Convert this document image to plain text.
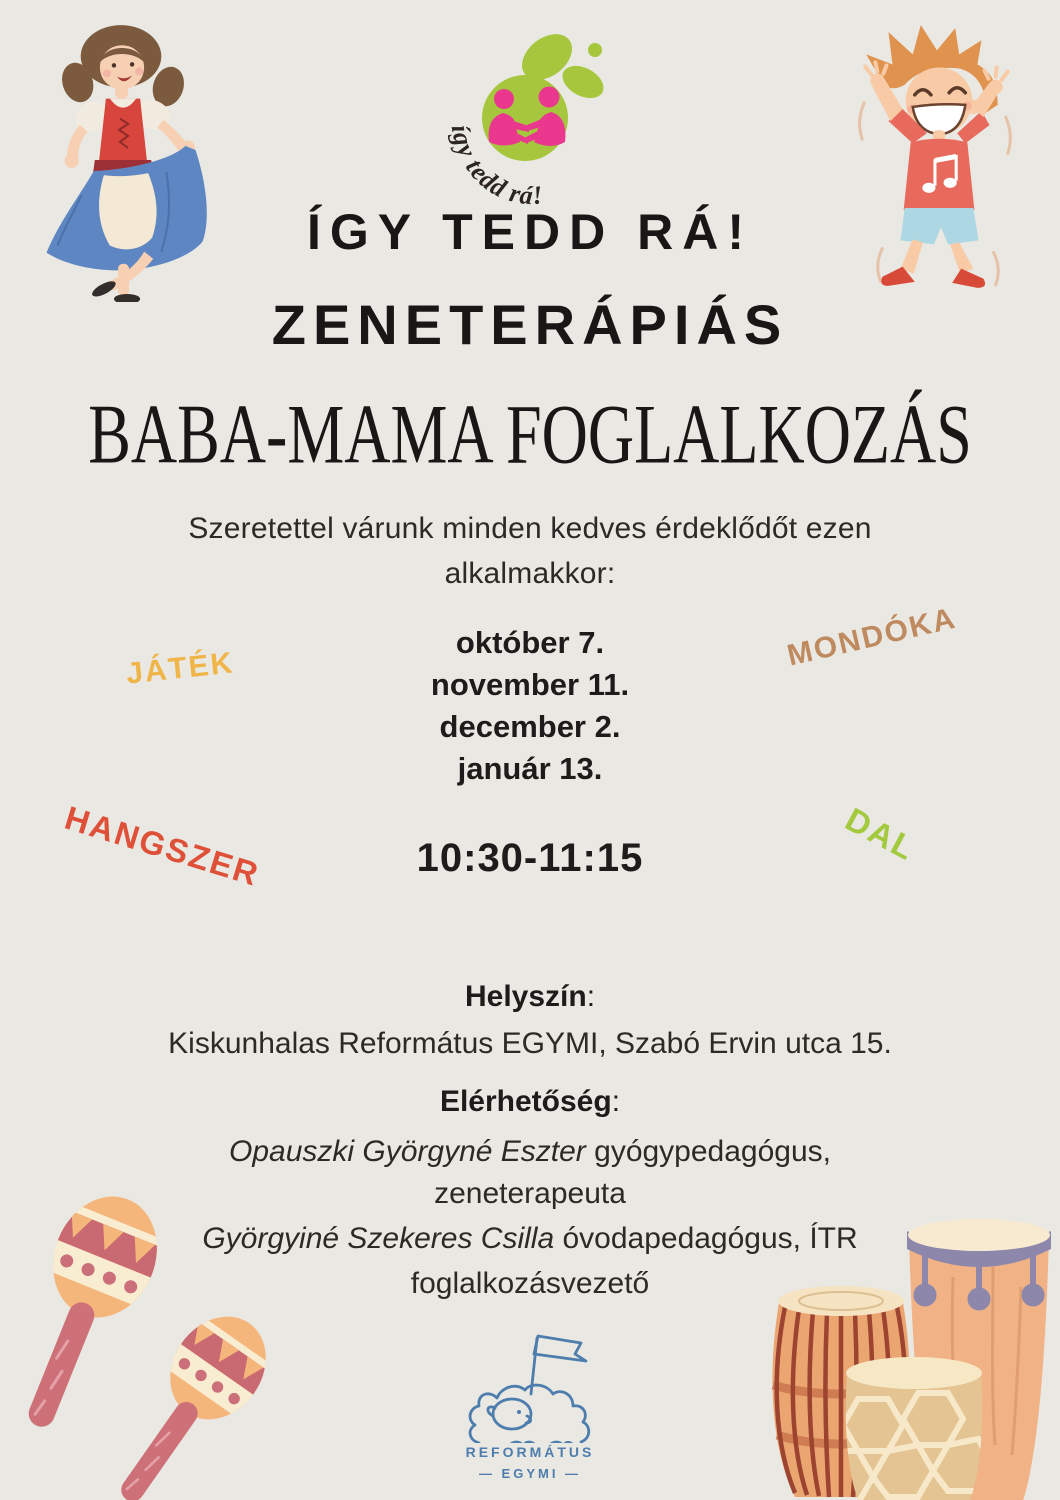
így tedd rá!
ÍGY TEDD RÁ!
ZENETERÁPIÁS
BABA-MAMA FOGLALKOZÁS
Szeretettel várunk minden kedves érdeklődőt ezen
alkalmakkor:
október 7.
november 11.
december 2.
január 13.
10:30-11:15
JÁTÉK	MONDÓKA
HANGSZER	DAL
Helyszín:
Kiskunhalas Református EGYMI, Szabó Ervin utca 15.
Elérhetőség:
Opauszki Györgyné Eszter gyógypedagógus,
zeneterapeuta
Györgyiné Szekeres Csilla óvodapedagógus, ÍTR
foglalkozásvezető
REFORMÁTUS
— EGYMI —
